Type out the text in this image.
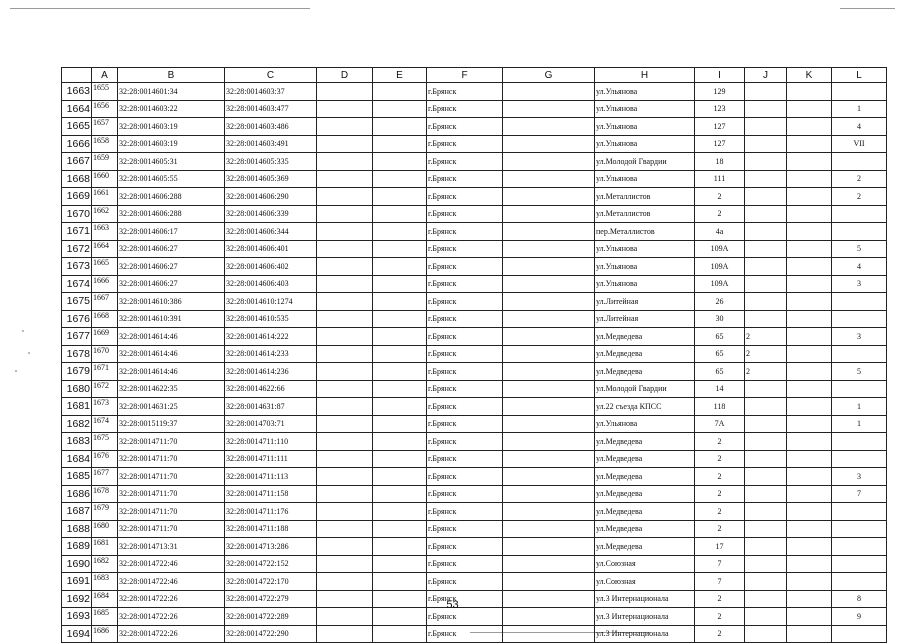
	A	B	C	D	E	F	G	H	I	J	K	L
1663	1655	32:28:0014601:34	32:28:0014603:37			г.Брянск		ул.Ульянова	129			
1664	1656	32:28:0014603:22	32:28:0014603:477			г.Брянск		ул.Ульянова	123			1
1665	1657	32:28:0014603:19	32:28:0014603:486			г.Брянск		ул.Ульянова	127			4
1666	1658	32:28:0014603:19	32:28:0014603:491			г.Брянск		ул.Ульянова	127			VII
1667	1659	32:28:0014605:31	32:28:0014605:335			г.Брянск		ул.Молодой Гвардии	18			
1668	1660	32:28:0014605:55	32:28:0014605:369			г.Брянск		ул.Ульянова	111			2
1669	1661	32:28:0014606:288	32:28:0014606:290			г.Брянск		ул.Металлистов	2			2
1670	1662	32:28:0014606:288	32:28:0014606:339			г.Брянск		ул.Металлистов	2			
1671	1663	32:28:0014606:17	32:28:0014606:344			г.Брянск		пер.Металлистов	4а			
1672	1664	32:28:0014606:27	32:28:0014606:401			г.Брянск		ул.Ульянова	109А			5
1673	1665	32:28:0014606:27	32:28:0014606:402			г.Брянск		ул.Ульянова	109А			4
1674	1666	32:28:0014606:27	32:28:0014606:403			г.Брянск		ул.Ульянова	109А			3
1675	1667	32:28:0014610:386	32:28:0014610:1274			г.Брянск		ул.Литейная	26			
1676	1668	32:28:0014610:391	32:28:0014610:535			г.Брянск		ул.Литейная	30			
1677	1669	32:28:0014614:46	32:28:0014614:222			г.Брянск		ул.Медведева	65	2		3
1678	1670	32:28:0014614:46	32:28:0014614:233			г.Брянск		ул.Медведева	65	2		
1679	1671	32:28:0014614:46	32:28:0014614:236			г.Брянск		ул.Медведева	65	2		5
1680	1672	32:28:0014622:35	32:28:0014622:66			г.Брянск		ул.Молодой Гвардии	14			
1681	1673	32:28:0014631:25	32:28:0014631:87			г.Брянск		ул.22 съезда КПСС	118			1
1682	1674	32:28:0015119:37	32:28:0014703:71			г.Брянск		ул.Ульянова	7А			1
1683	1675	32:28:0014711:70	32:28:0014711:110			г.Брянск		ул.Медведева	2			
1684	1676	32:28:0014711:70	32:28:0014711:111			г.Брянск		ул.Медведева	2			
1685	1677	32:28:0014711:70	32:28:0014711:113			г.Брянск		ул.Медведева	2			3
1686	1678	32:28:0014711:70	32:28:0014711:158			г.Брянск		ул.Медведева	2			7
1687	1679	32:28:0014711:70	32:28:0014711:176			г.Брянск		ул.Медведева	2			
1688	1680	32:28:0014711:70	32:28:0014711:188			г.Брянск		ул.Медведева	2			
1689	1681	32:28:0014713:31	32:28:0014713:286			г.Брянск		ул.Медведева	17			
1690	1682	32:28:0014722:46	32:28:0014722:152			г.Брянск		ул.Союзная	7			
1691	1683	32:28:0014722:46	32:28:0014722:170			г.Брянск		ул.Союзная	7			
1692	1684	32:28:0014722:26	32:28:0014722:279			г.Брянск		ул.3 Интернационала	2			8
1693	1685	32:28:0014722:26	32:28:0014722:289			г.Брянск		ул.3 Интернационала	2			9
1694	1686	32:28:0014722:26	32:28:0014722:290			г.Брянск		ул.3 Интернационала	2			
53
